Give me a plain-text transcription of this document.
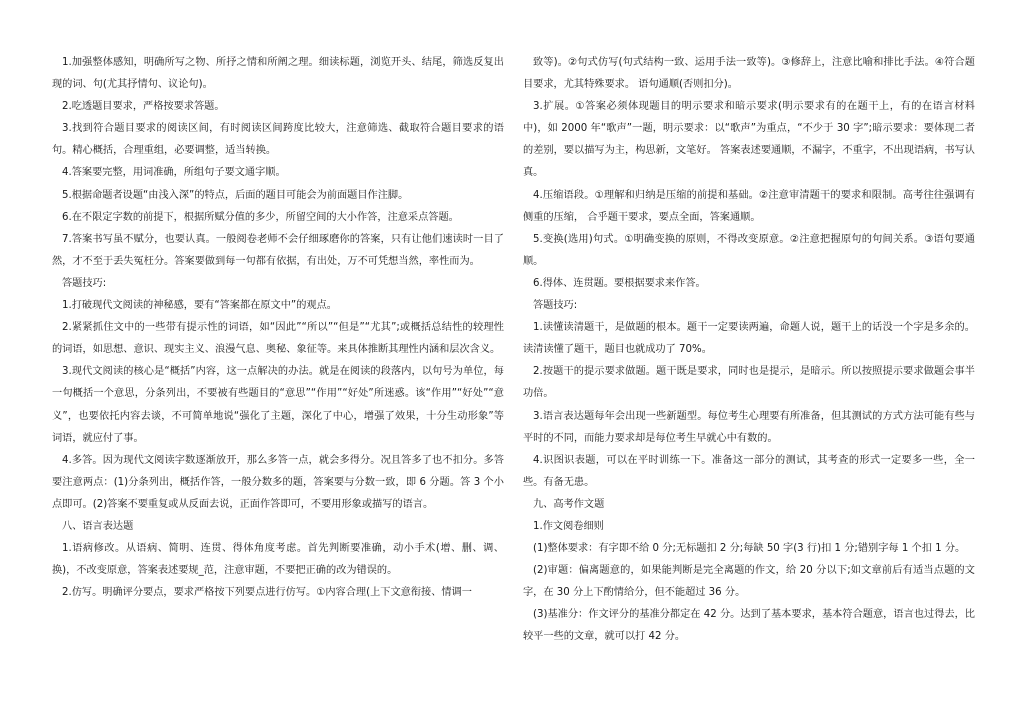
1.加强整体感知，明确所写之物、所抒之情和所阐之理。细读标题，浏览开头、结尾，筛选反复出现的词、句(尤其抒情句、议论句)。

2.吃透题目要求，严格按要求答题。

3.找到符合题目要求的阅读区间，有时阅读区间跨度比较大，注意筛选、截取符合题目要求的语句。精心概括，合理重组，必要调整，适当转换。

4.答案要完整，用词准确，所组句子要文通字顺。

5.根据命题者设题“由浅入深”的特点，后面的题目可能会为前面题目作注脚。

6.在不限定字数的前提下，根据所赋分值的多少，所留空间的大小作答，注意采点答题。

7.答案书写虽不赋分，也要认真。一般阅卷老师不会仔细琢磨你的答案，只有让他们速读时一目了然，才不至于丢失冤枉分。答案要做到每一句都有依据，有出处，万不可凭想当然，率性而为。

答题技巧:

1.打破现代文阅读的神秘感，要有“答案都在原文中”的观点。

2.紧紧抓住文中的一些带有提示性的词语，如“因此”“所以”“但是”“尤其”;或概括总结性的较理性的词语，如思想、意识、现实主义、浪漫气息、奥秘、象征等。来具体推断其理性内涵和层次含义。

3.现代文阅读的核心是“概括”内容，这一点解决的办法。就是在阅读的段落内，以句号为单位，每一句概括一个意思，分条列出，不要被有些题目的“意思”“作用”“好处”所迷惑。该“作用”“好处”“意义”，也要依托内容去谈，不可简单地说“强化了主题，深化了中心，增强了效果，十分生动形象”等词语，就应付了事。

4.多答。因为现代文阅读字数逐渐放开，那么多答一点，就会多得分。况且答多了也不扣分。多答要注意两点：(1)分条列出，概括作答，一般分数多的题，答案要与分数一致，即 6 分题。答 3 个小点即可。(2)答案不要重复或从反面去说，正面作答即可，不要用形象或描写的语言。

八、语言表达题

1.语病修改。从语病、简明、连贯、得体角度考虑。首先判断要准确，动小手术(增、删、调、换)，不改变原意，答案表述要规_范，注意审题，不要把正确的改为错误的。

2.仿写。明确评分要点，要求严格按下列要点进行仿写。①内容合理(上下文意衔接、情调一

致等)。②句式仿写(句式结构一致、运用手法一致等)。③修辞上，注意比喻和排比手法。④符合题目要求，尤其特殊要求。 语句通顺(否则扣分)。

3.扩展。①答案必须体现题目的明示要求和暗示要求(明示要求有的在题干上，有的在语言材料中)，如 2000 年“歌声”一题，明示要求：以“歌声”为重点，“不少于 30 字”;暗示要求：要体现二者的差别，要以描写为主，构思新，文笔好。 答案表述要通顺，不漏字，不重字，不出现语病，书写认真。

4.压缩语段。①理解和归纳是压缩的前提和基础。②注意审清题干的要求和限制。高考往往强调有侧重的压缩， 合乎题干要求，要点全面，答案通顺。

5.变换(选用)句式。①明确变换的原则，不得改变原意。②注意把握原句的句间关系。③语句要通顺。

6.得体、连贯题。要根据要求来作答。

答题技巧:

1.读懂读清题干，是做题的根本。题干一定要读两遍，命题人说，题干上的话没一个字是多余的。读清读懂了题干，题目也就成功了 70%。

2.按题干的提示要求做题。题干既是要求，同时也是提示，是暗示。所以按照提示要求做题会事半功倍。

3.语言表达题每年会出现一些新题型。每位考生心理要有所准备，但其测试的方式方法可能有些与平时的不同，而能力要求却是每位考生早就心中有数的。

4.识图识表题，可以在平时训练一下。准备这一部分的测试，其考查的形式一定要多一些，全一些。有备无患。

九、高考作文题

1.作文阅卷细则

(1)整体要求：有字即不给 0 分;无标题扣 2 分;每缺 50 字(3 行)扣 1 分;错别字每 1 个扣 1 分。

(2)审题：偏离题意的，如果能判断是完全离题的作文，给 20 分以下;如文章前后有适当点题的文字，在 30 分上下酌情给分，但不能超过 36 分。

(3)基准分：作文评分的基准分都定在 42 分。达到了基本要求，基本符合题意，语言也过得去，比较平一些的文章，就可以打 42 分。
